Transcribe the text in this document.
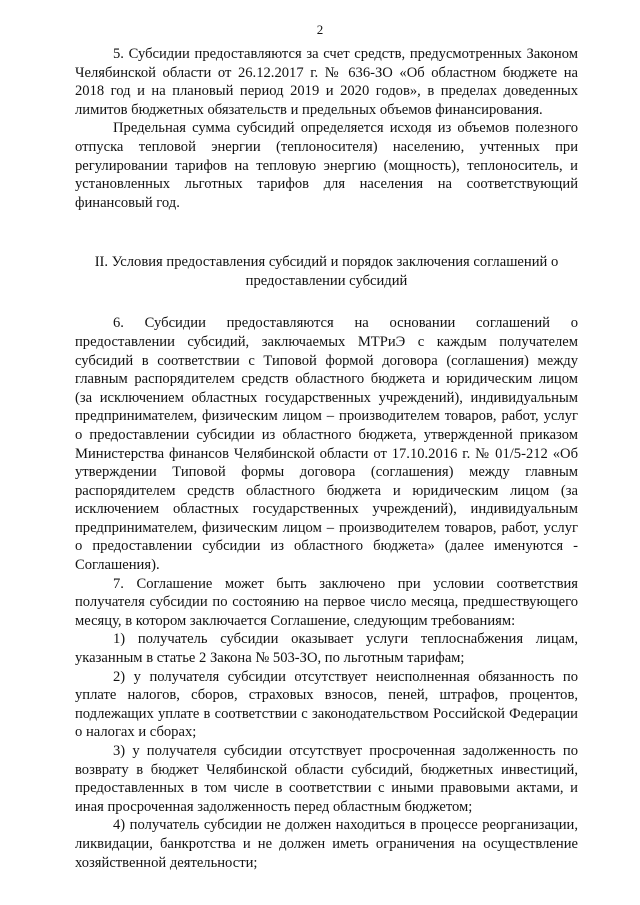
2

5. Субсидии предоставляются за счет средств, предусмотренных Законом Челябинской области от 26.12.2017 г. № 636-ЗО «Об областном бюджете на 2018 год и на плановый период 2019 и 2020 годов», в пределах доведенных лимитов бюджетных обязательств и предельных объемов финансирования.

Предельная сумма субсидий определяется исходя из объемов полезного отпуска тепловой энергии (теплоносителя) населению, учтенных при регулировании тарифов на тепловую энергию (мощность), теплоноситель, и установленных льготных тарифов для населения на соответствующий финансовый год.

II. Условия предоставления субсидий и порядок заключения соглашений о
предоставлении субсидий

6. Субсидии предоставляются на основании соглашений о предоставлении субсидий, заключаемых МТРиЭ с каждым получателем субсидий в соответствии с Типовой формой договора (соглашения) между главным распорядителем средств областного бюджета и юридическим лицом (за исключением областных государственных учреждений), индивидуальным предпринимателем, физическим лицом – производителем товаров, работ, услуг о предоставлении субсидии из областного бюджета, утвержденной приказом Министерства финансов Челябинской области от 17.10.2016 г. № 01/5-212 «Об утверждении Типовой формы договора (соглашения) между главным распорядителем средств областного бюджета и юридическим лицом (за исключением областных государственных учреждений), индивидуальным предпринимателем, физическим лицом – производителем товаров, работ, услуг о предоставлении субсидии из областного бюджета» (далее именуются - Соглашения).

7. Соглашение может быть заключено при условии соответствия получателя субсидии по состоянию на первое число месяца, предшествующего месяцу, в котором заключается Соглашение, следующим требованиям:

1) получатель субсидии оказывает услуги теплоснабжения лицам, указанным в статье 2 Закона № 503-ЗО, по льготным тарифам;

2) у получателя субсидии отсутствует неисполненная обязанность по уплате налогов, сборов, страховых взносов, пеней, штрафов, процентов, подлежащих уплате в соответствии с законодательством Российской Федерации о налогах и сборах;

3) у получателя субсидии отсутствует просроченная задолженность по возврату в бюджет Челябинской области субсидий, бюджетных инвестиций, предоставленных в том числе в соответствии с иными правовыми актами, и иная просроченная задолженность перед областным бюджетом;

4) получатель субсидии не должен находиться в процессе реорганизации, ликвидации, банкротства и не должен иметь ограничения на осуществление хозяйственной деятельности;
